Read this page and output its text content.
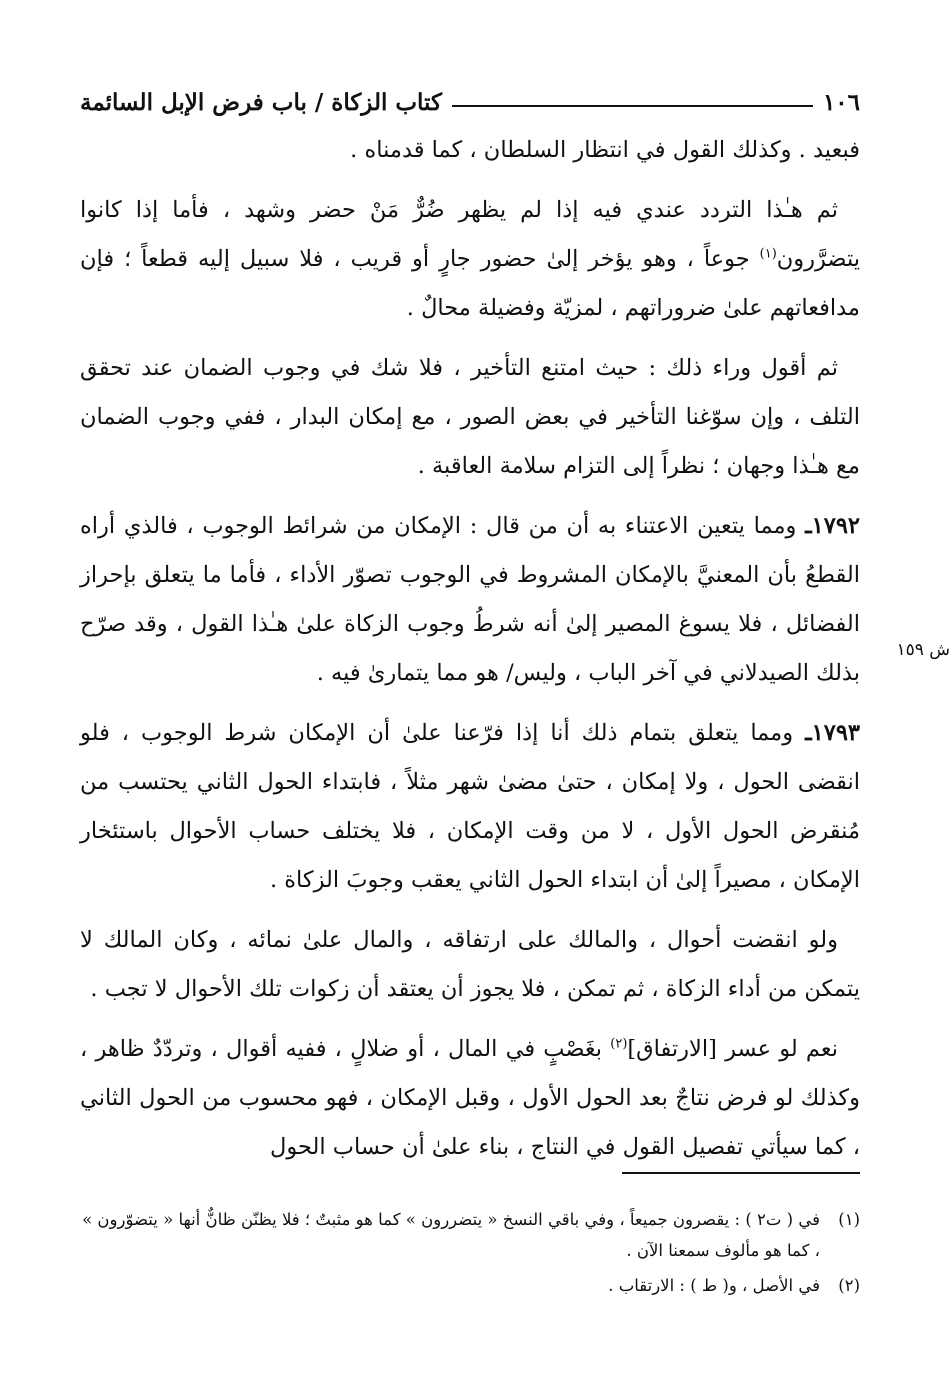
١٠٦
كتاب الزكاة / باب فرض الإبل السائمة
ش ١٥٩

فبعيد . وكذلك القول في انتظار السلطان ، كما قدمناه .

ثم هـٰذا التردد عندي فيه إذا لم يظهر ضُرٌّ مَنْ حضر وشهد ، فأما إذا كانوا يتضرَّرون$^{(١)}$ جوعاً ، وهو يؤخر إلىٰ حضور جارٍ أو قريب ، فلا سبيل إليه قطعاً ؛ فإن مدافعاتهم علىٰ ضروراتهم ، لمزيّة وفضيلة محالٌ .

ثم أقول وراء ذلك : حيث امتنع التأخير ، فلا شك في وجوب الضمان عند تحقق التلف ، وإن سوّغنا التأخير في بعض الصور ، مع إمكان البدار ، ففي وجوب الضمان مع هـٰذا وجهان ؛ نظراً إلى التزام سلامة العاقبة .

١٧٩٢ـ ومما يتعين الاعتناء به أن من قال : الإمكان من شرائط الوجوب ، فالذي أراه القطعُ بأن المعنيَّ بالإمكان المشروط في الوجوب تصوّر الأداء ، فأما ما يتعلق بإحراز الفضائل ، فلا يسوغ المصير إلىٰ أنه شرطُ وجوب الزكاة علىٰ هـٰذا القول ، وقد صرّح بذلك الصيدلاني في آخر الباب ، وليس/ هو مما يتمارىٰ فيه .

١٧٩٣ـ ومما يتعلق بتمام ذلك أنا إذا فرّعنا علىٰ أن الإمكان شرط الوجوب ، فلو انقضى الحول ، ولا إمكان ، حتىٰ مضىٰ شهر مثلاً ، فابتداء الحول الثاني يحتسب من مُنقرض الحول الأول ، لا من وقت الإمكان ، فلا يختلف حساب الأحوال باستئخار الإمكان ، مصيراً إلىٰ أن ابتداء الحول الثاني يعقب وجوبَ الزكاة .

ولو انقضت أحوال ، والمالك على ارتفاقه ، والمال علىٰ نمائه ، وكان المالك لا يتمكن من أداء الزكاة ، ثم تمكن ، فلا يجوز أن يعتقد أن زكوات تلك الأحوال لا تجب .

نعم لو عسر [الارتفاق]$^{(٢)}$ بغَصْبٍ في المال ، أو ضلالٍ ، ففيه أقوال ، وتردّدٌ ظاهر ، وكذلك لو فرض نتاجٌ بعد الحول الأول ، وقبل الإمكان ، فهو محسوب من الحول الثاني ، كما سيأتي تفصيل القول في النتاج ، بناء علىٰ أن حساب الحول

(١)
في ( ت٢ ) : يقصرون جميعاً ، وفي باقي النسخ « يتضررون » كما هو مثبتٌ ؛ فلا يظنّن ظانٌّ أنها « يتضوّرون » ، كما هو مألوف سمعنا الآن .

(٢)
في الأصل ، و( ط ) : الارتقاب .
